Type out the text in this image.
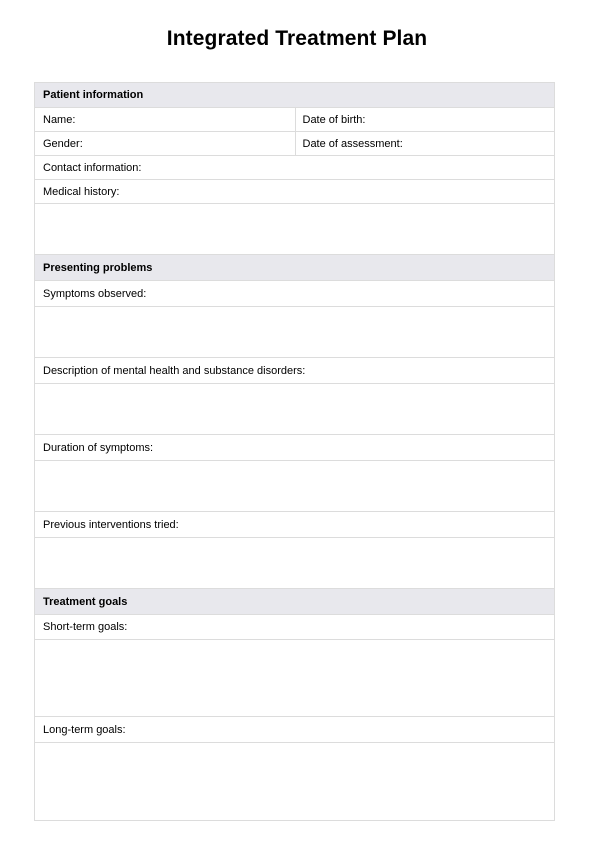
Integrated Treatment Plan
Patient information
Name:	Date of birth:
Gender:	Date of assessment:
Contact information:
Medical history:
Presenting problems
Symptoms observed:
Description of mental health and substance disorders:
Duration of symptoms:
Previous interventions tried:
Treatment goals
Short-term goals:
Long-term goals:
